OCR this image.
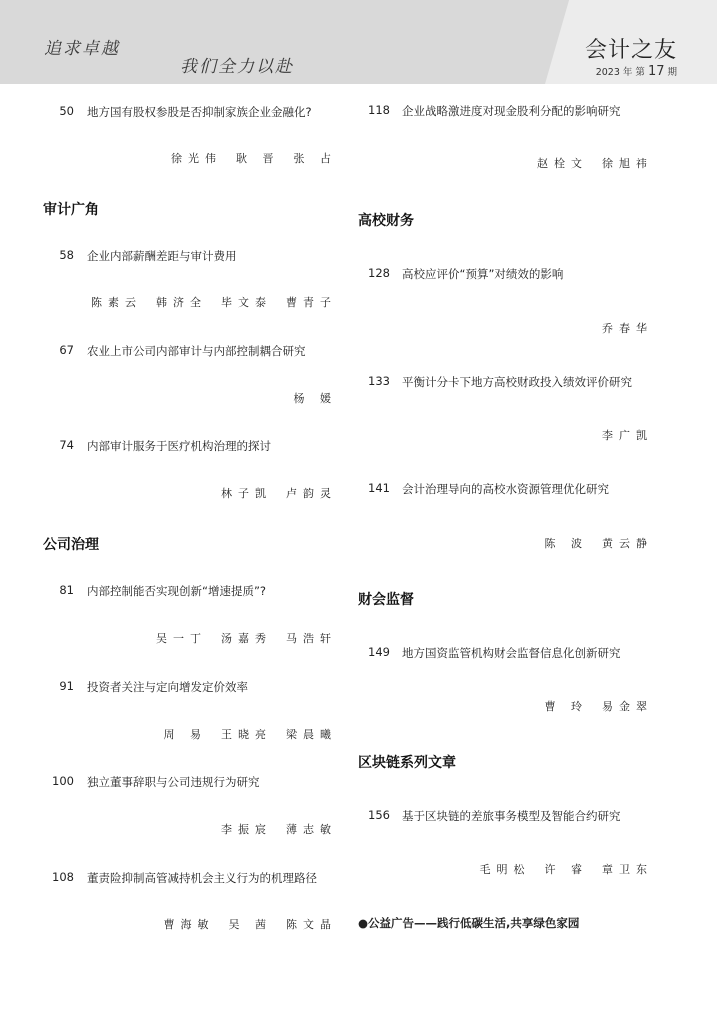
追求卓越
我们全力以赴
会计之友
2023 年 第 17 期
50 地方国有股权参股是否抑制家族企业金融化?
徐光伟 耿 晋 张 占
审计广角
58 企业内部薪酬差距与审计费用
陈素云 韩济全 毕文泰 曹青子
67 农业上市公司内部审计与内部控制耦合研究
杨 媛
74 内部审计服务于医疗机构治理的探讨
林子凯 卢韵灵
公司治理
81 内部控制能否实现创新“增速提质”?
吴一丁 汤嘉秀 马浩轩
91 投资者关注与定向增发定价效率
周 易 王晓亮 梁晨曦
100 独立董事辞职与公司违规行为研究
李振宸 薄志敏
108 董责险抑制高管减持机会主义行为的机理路径
曹海敏 吴 茜 陈文晶
118 企业战略激进度对现金股利分配的影响研究
赵栓文 徐旭祎
高校财务
128 高校应评价“预算”对绩效的影响
乔春华
133 平衡计分卡下地方高校财政投入绩效评价研究
李广凯
141 会计治理导向的高校水资源管理优化研究
陈 波 黄云静
财会监督
149 地方国资监管机构财会监督信息化创新研究
曹 玲 易金翠
区块链系列文章
156 基于区块链的差旅事务模型及智能合约研究
毛明松 许 睿 章卫东
●公益广告——践行低碳生活,共享绿色家园
